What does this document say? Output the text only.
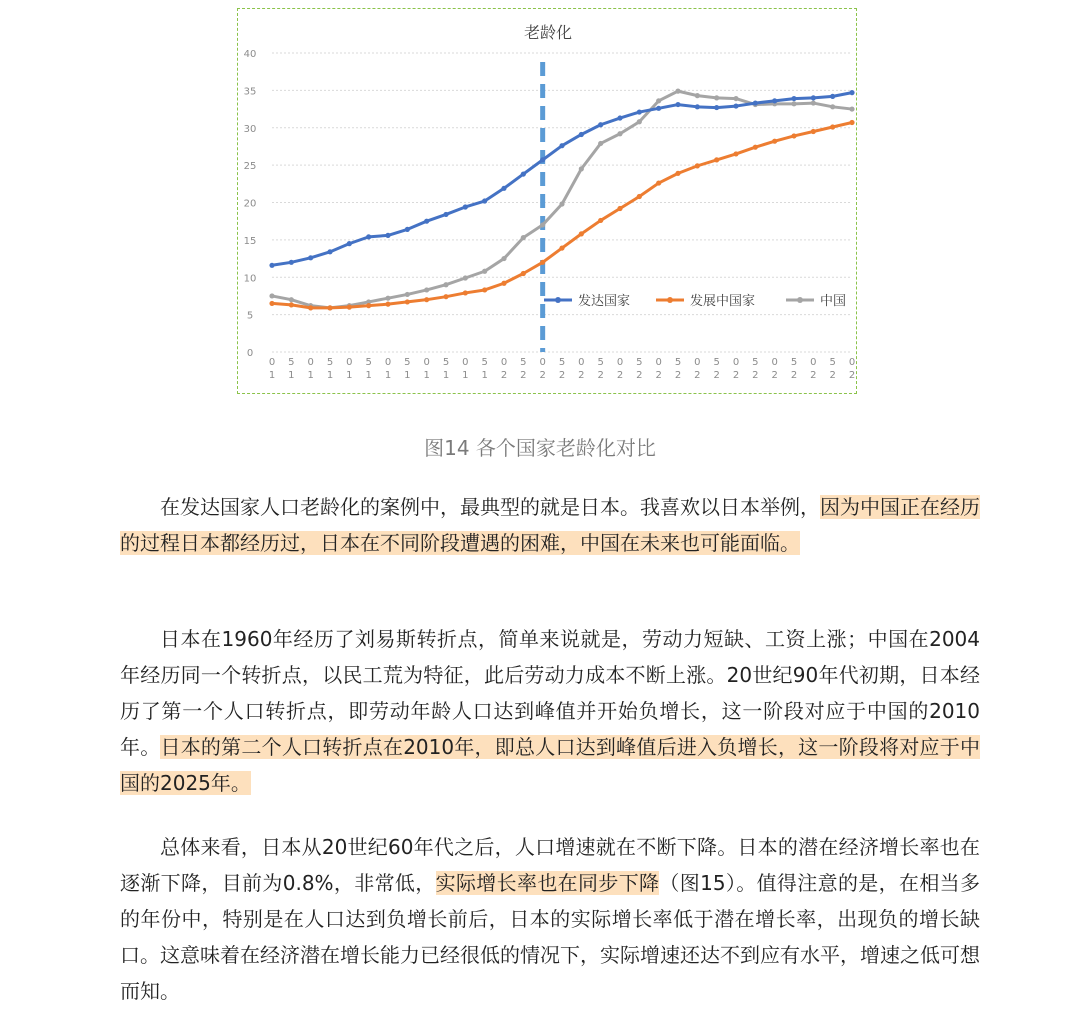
老龄化
0
5
10
15
20
25
30
35
40
0
1
5
1
0
1
5
1
0
1
5
1
0
1
5
1
0
1
5
1
0
1
5
1
0
2
5
2
0
2
5
2
0
2
5
2
0
2
5
2
0
2
5
2
0
2
5
2
0
2
5
2
0
2
5
2
0
2
5
2
0
2
发达国家	发展中国家	中国
图14 各个国家老龄化对比
在发达国家人口老龄化的案例中，最典型的就是日本。我喜欢以日本举例，因为中国正在经历的过程日本都经历过，日本在不同阶段遭遇的困难，中国在未来也可能面临。
日本在1960年经历了刘易斯转折点，简单来说就是，劳动力短缺、工资上涨；中国在2004年经历同一个转折点，以民工荒为特征，此后劳动力成本不断上涨。20世纪90年代初期，日本经历了第一个人口转折点，即劳动年龄人口达到峰值并开始负增长，这一阶段对应于中国的2010年。日本的第二个人口转折点在2010年，即总人口达到峰值后进入负增长，这一阶段将对应于中国的2025年。
总体来看，日本从20世纪60年代之后，人口增速就在不断下降。日本的潜在经济增长率也在逐渐下降，目前为0.8%，非常低，实际增长率也在同步下降（图15）。值得注意的是，在相当多的年份中，特别是在人口达到负增长前后，日本的实际增长率低于潜在增长率，出现负的增长缺口。这意味着在经济潜在增长能力已经很低的情况下，实际增速还达不到应有水平，增速之低可想而知。
